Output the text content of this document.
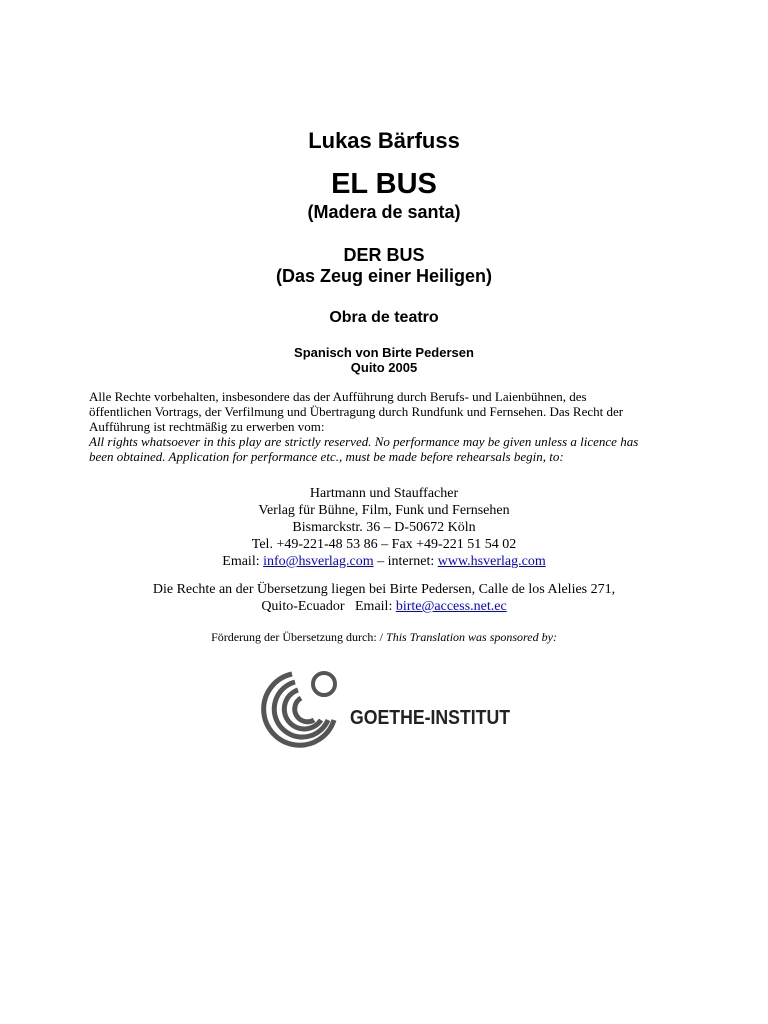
Lukas Bärfuss
EL BUS
(Madera de santa)
DER BUS
(Das Zeug einer Heiligen)
Obra de teatro
Spanisch von Birte Pedersen
Quito 2005
Alle Rechte vorbehalten, insbesondere das der Aufführung durch Berufs- und Laienbühnen, des
öffentlichen Vortrags, der Verfilmung und Übertragung durch Rundfunk und Fernsehen. Das Recht der
Aufführung ist rechtmäßig zu erwerben vom:
All rights whatsoever in this play are strictly reserved. No performance may be given unless a licence has
been obtained. Application for performance etc., must be made before rehearsals begin, to:
Hartmann und Stauffacher
Verlag für Bühne, Film, Funk und Fernsehen
Bismarckstr. 36 – D-50672 Köln
Tel. +49-221-48 53 86 – Fax +49-221 51 54 02
Email: info@hsverlag.com – internet: www.hsverlag.com
Die Rechte an der Übersetzung liegen bei Birte Pedersen, Calle de los Alelies 271,
Quito-Ecuador   Email: birte@access.net.ec
Förderung der Übersetzung durch: / This Translation was sponsored by:
GOETHE-INSTITUT
